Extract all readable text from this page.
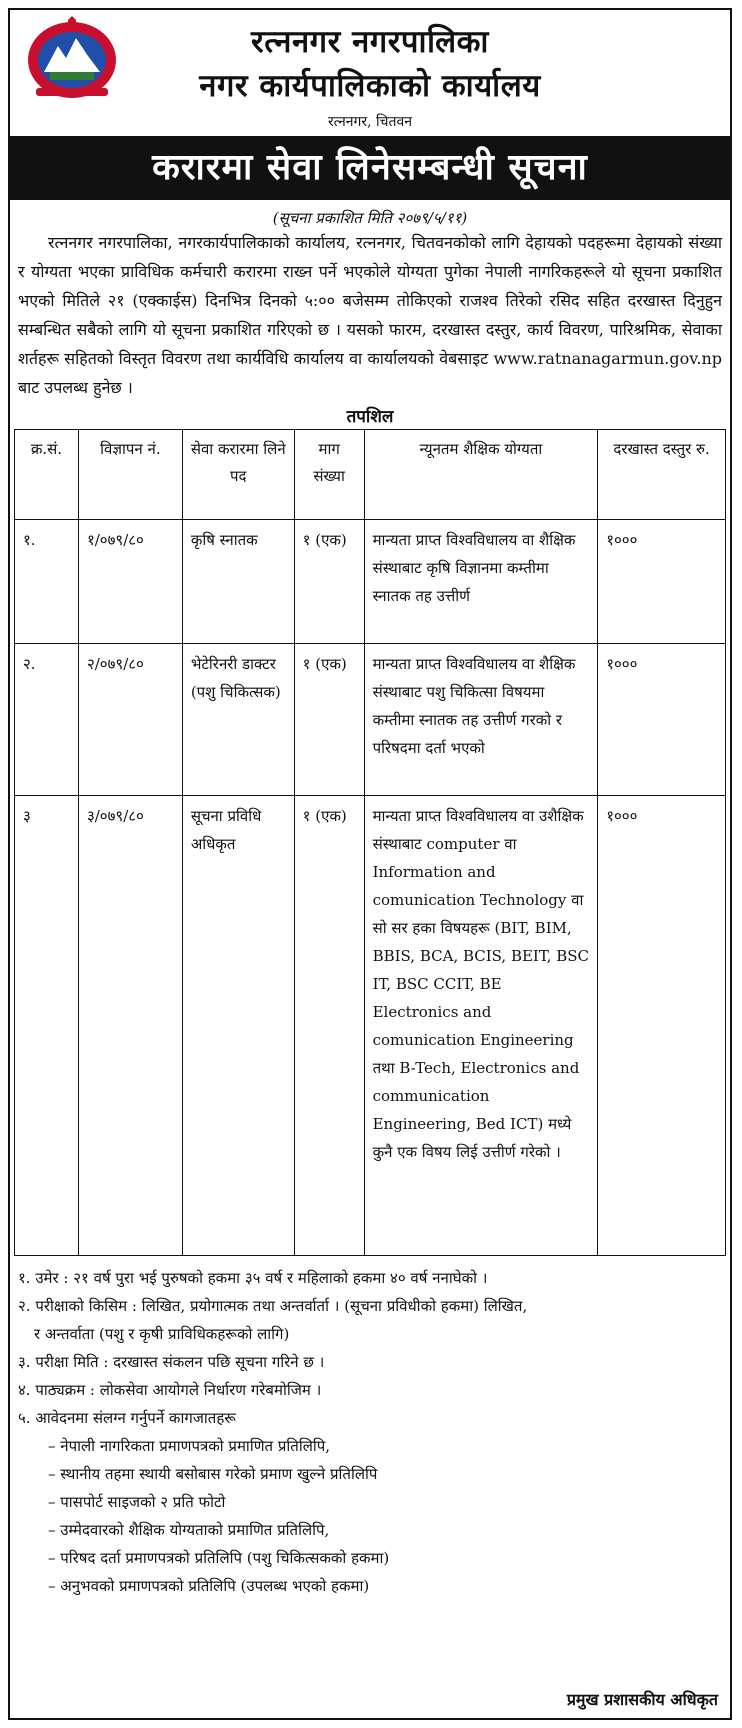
रत्ननगर नगरपालिका
नगर कार्यपालिकाको कार्यालय
रत्ननगर, चितवन
करारमा सेवा लिनेसम्बन्धी सूचना
(सूचना प्रकाशित मिति २०७९/५/११)
रत्ननगर नगरपालिका, नगरकार्यपालिकाको कार्यालय, रत्ननगर, चितवनकोको लागि देहायको पदहरूमा देहायको संख्या र योग्यता भएका प्राविधिक कर्मचारी करारमा राख्न पर्ने भएकोले योग्यता पुगेका नेपाली नागरिकहरूले यो सूचना प्रकाशित भएको मितिले २१ (एक्काईस) दिनभित्र दिनको ५:०० बजेसम्म तोकिएको राजश्व तिरेको रसिद सहित दरखास्त दिनुहुन सम्बन्धित सबैको लागि यो सूचना प्रकाशित गरिएको छ । यसको फारम, दरखास्त दस्तुर, कार्य विवरण, पारिश्रमिक, सेवाका शर्तहरू सहितको विस्तृत विवरण तथा कार्यविधि कार्यालय वा कार्यालयको वेबसाइट www.ratnanagarmun.gov.np बाट उपलब्ध हुनेछ ।
तपशिल
क्र.सं.	विज्ञापन नं.	सेवा करारमा लिने पद	माग संख्या	न्यूनतम शैक्षिक योग्यता	दरखास्त दस्तुर रु.
१.	१/०७९/८०	कृषि स्नातक	१ (एक)	मान्यता प्राप्त विश्वविधालय वा शैक्षिक संस्थाबाट कृषि विज्ञानमा कम्तीमा स्नातक तह उत्तीर्ण	१०००
२.	२/०७९/८०	भेटेरिनरी डाक्टर (पशु चिकित्सक)	१ (एक)	मान्यता प्राप्त विश्वविधालय वा शैक्षिक संस्थाबाट पशु चिकित्सा विषयमा कम्तीमा स्नातक तह उत्तीर्ण गरको र परिषदमा दर्ता भएको	१०००
३	३/०७९/८०	सूचना प्रविधि अधिकृत	१ (एक)	मान्यता प्राप्त विश्वविधालय वा उशैक्षिक संस्थाबाट computer वा Information and comunication Technology वा सो सर हका विषयहरू (BIT, BIM, BBIS, BCA, BCIS, BEIT, BSC IT, BSC CCIT, BE Electronics and comunication Engineering तथा B-Tech, Electronics and communication Engineering, Bed ICT) मध्ये कुनै एक विषय लिई उत्तीर्ण गरेको ।	१०००
१. उमेर : २१ वर्ष पुरा भई पुरुषको हकमा ३५ वर्ष र महिलाको हकमा ४० वर्ष ननाघेको ।
२. परीक्षाको किसिम : लिखित, प्रयोगात्मक तथा अन्तर्वार्ता । (सूचना प्रविधीको हकमा) लिखित,
र अन्तर्वाता (पशु र कृषी प्राविधिकहरूको लागि)
३. परीक्षा मिति : दरखास्त संकलन पछि सूचना गरिने छ ।
४. पाठ्यक्रम : लोकसेवा आयोगले निर्धारण गरेबमोजिम ।
५. आवेदनमा संलग्न गर्नुपर्ने कागजातहरू
– नेपाली नागरिकता प्रमाणपत्रको प्रमाणित प्रतिलिपि,
– स्थानीय तहमा स्थायी बसोबास गरेको प्रमाण खुल्ने प्रतिलिपि
– पासपोर्ट साइजको २ प्रति फोटो
– उम्मेदवारको शैक्षिक योग्यताको प्रमाणित प्रतिलिपि,
– परिषद दर्ता प्रमाणपत्रको प्रतिलिपि (पशु चिकित्सकको हकमा)
– अनुभवको प्रमाणपत्रको प्रतिलिपि (उपलब्ध भएको हकमा)
प्रमुख प्रशासकीय अधिकृत
